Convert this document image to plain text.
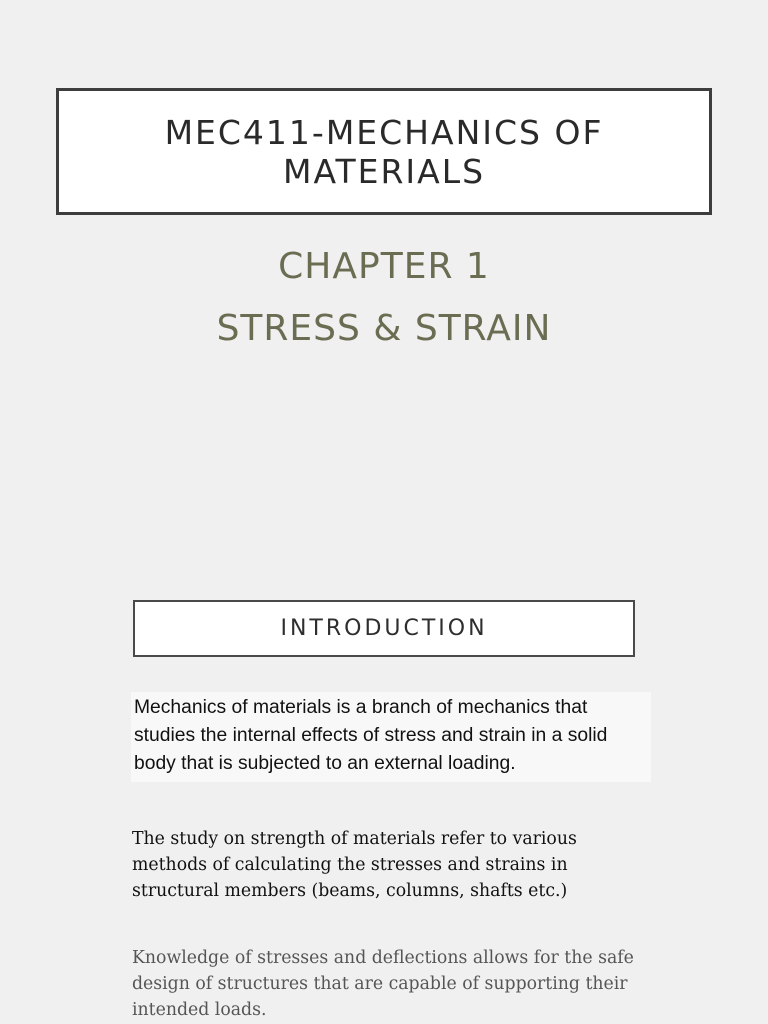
MEC411-MECHANICS OF
MATERIALS
CHAPTER 1
STRESS & STRAIN
INTRODUCTION
Mechanics of materials is a branch of mechanics that studies the internal effects of stress and strain in a solid body that is subjected to an external loading.
The study on strength of materials refer to various methods of calculating the stresses and strains in structural members (beams, columns, shafts etc.)
Knowledge of stresses and deflections allows for the safe design of structures that are capable of supporting their intended loads.
